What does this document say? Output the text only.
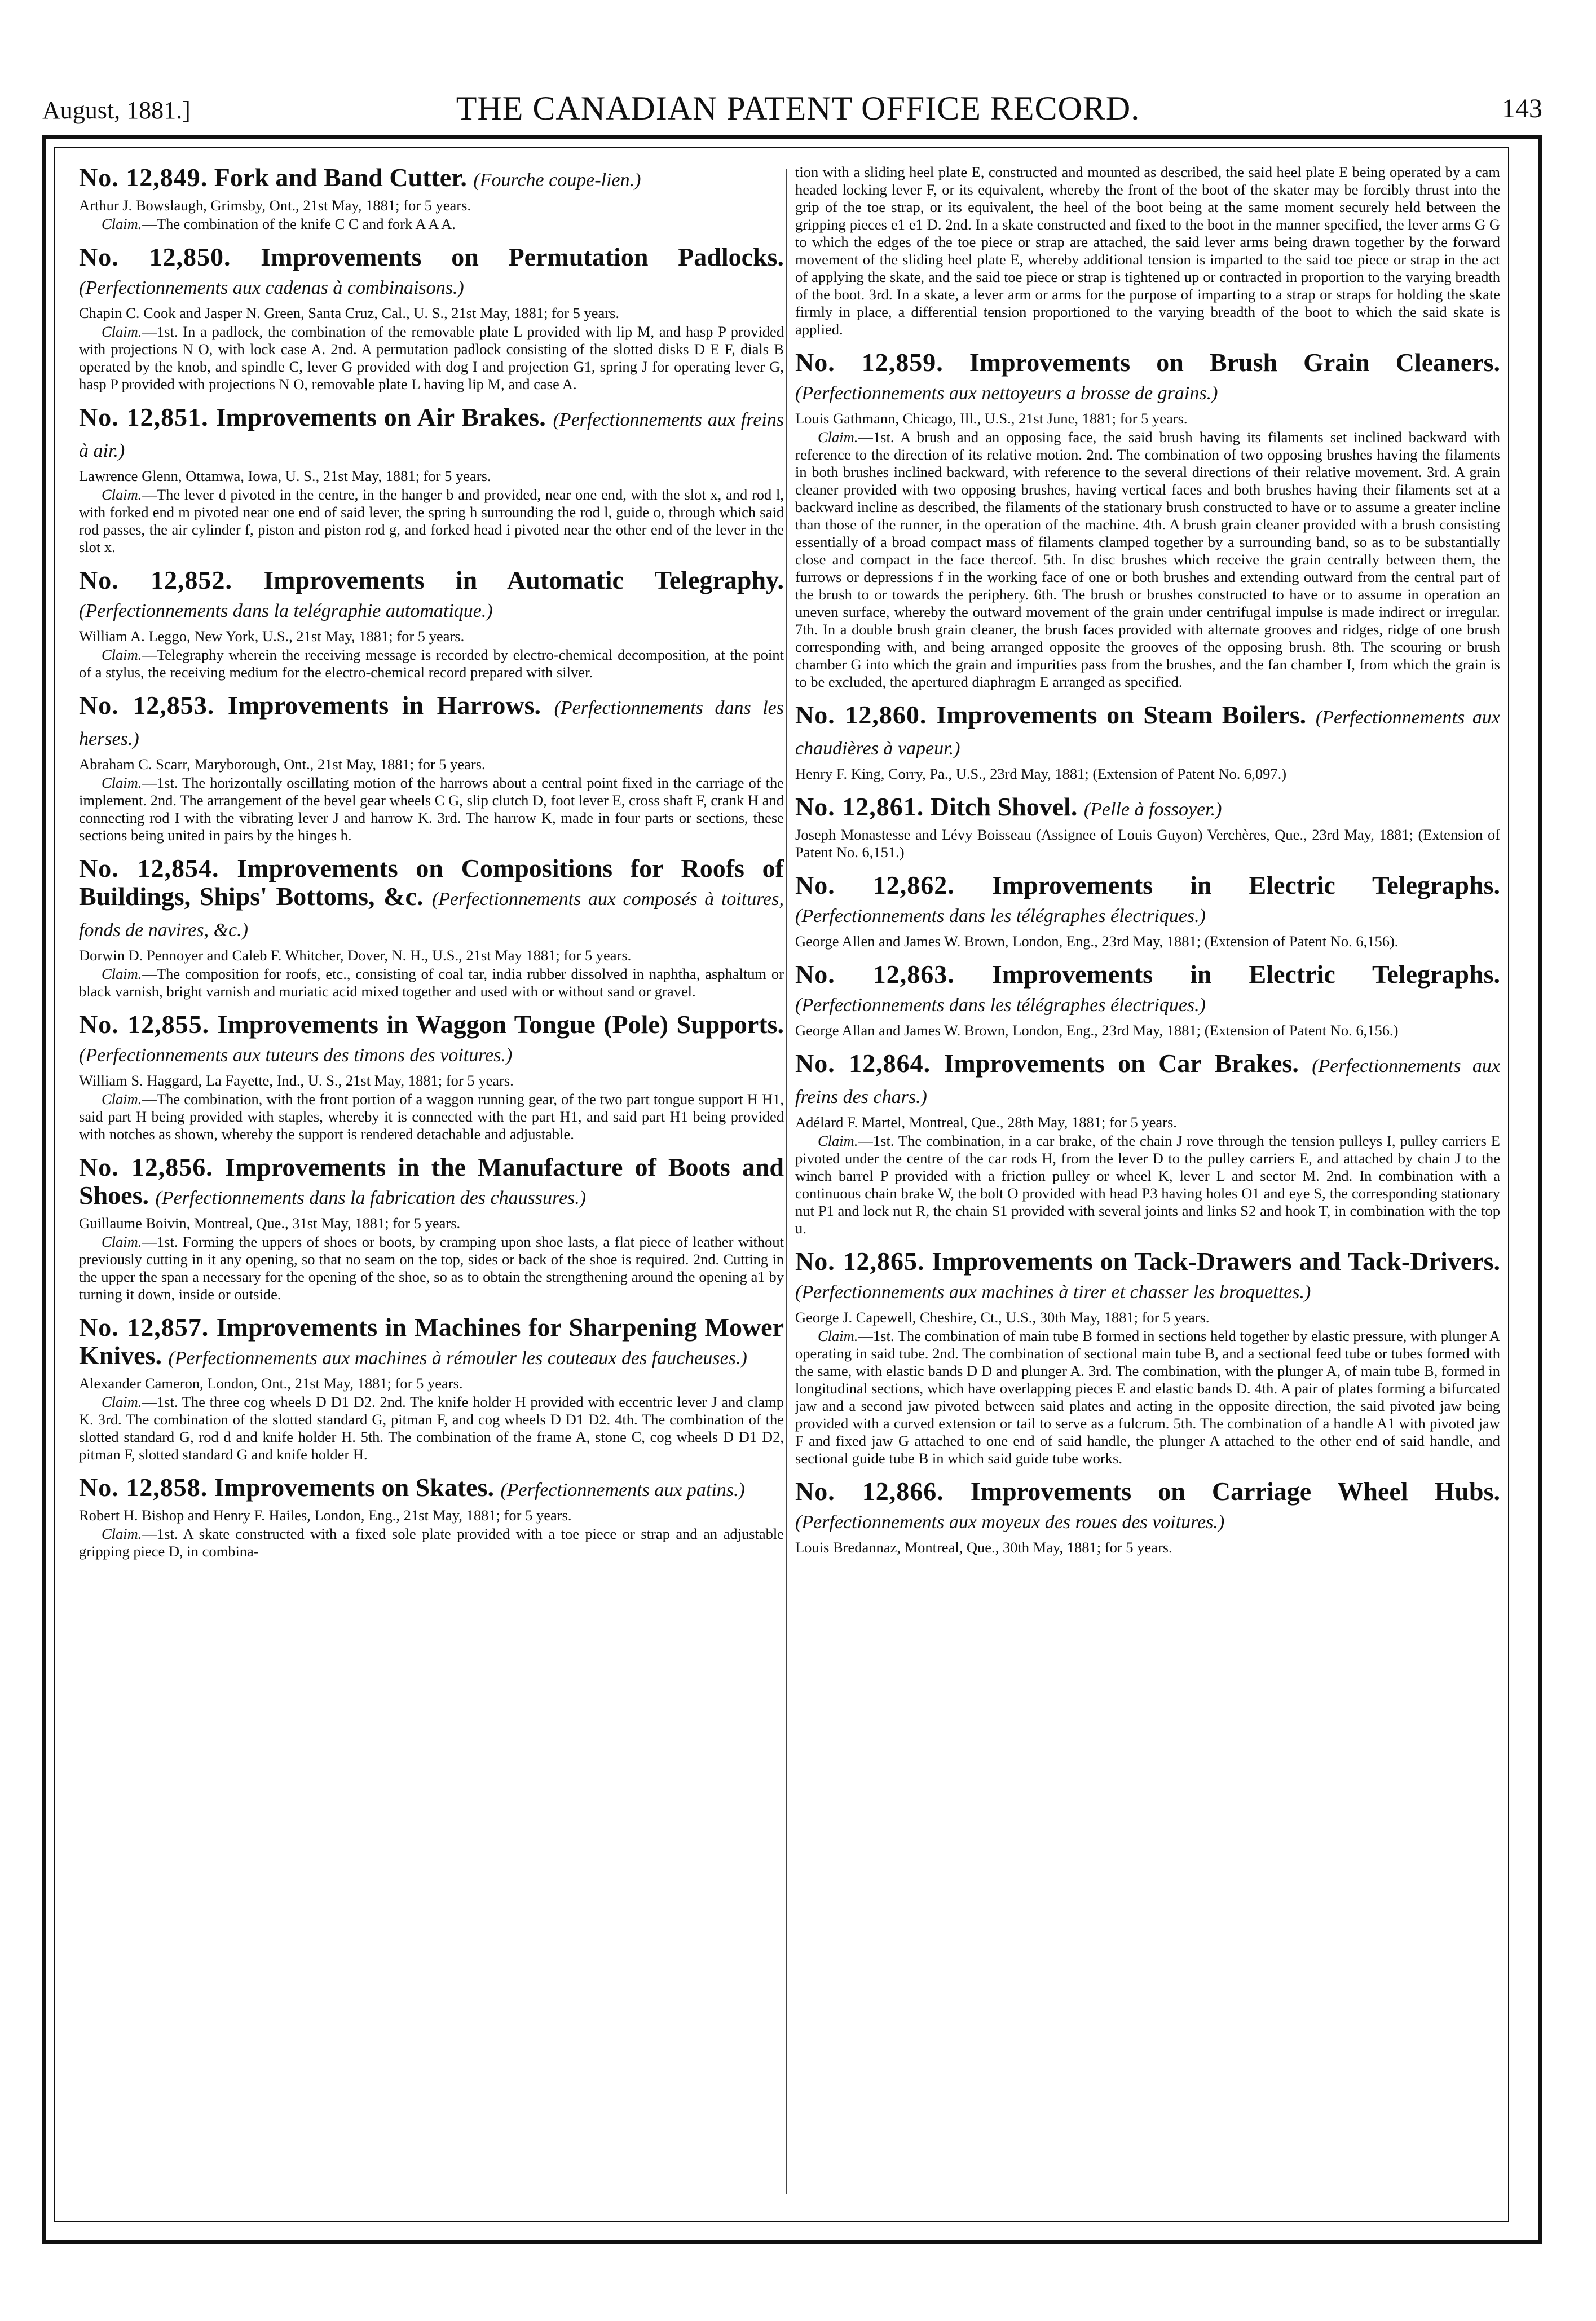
August, 1881.]	THE CANADIAN PATENT OFFICE RECORD.	143
No. 12,849. Fork and Band Cutter. (Fourche coupe-lien.)
Arthur J. Bowslaugh, Grimsby, Ont., 21st May, 1881; for 5 years.

Claim.—The combination of the knife C C and fork A A A.

No. 12,850. Improvements on Permutation Padlocks. (Perfectionnements aux cadenas à combinaisons.)
Chapin C. Cook and Jasper N. Green, Santa Cruz, Cal., U. S., 21st May, 1881; for 5 years.

Claim.—1st. In a padlock, the combination of the removable plate L provided with lip M, and hasp P provided with projections N O, with lock case A. 2nd. A permutation padlock consisting of the slotted disks D E F, dials B operated by the knob, and spindle C, lever G provided with dog I and projection G1, spring J for operating lever G, hasp P provided with projections N O, removable plate L having lip M, and case A.

No. 12,851. Improvements on Air Brakes. (Perfectionnements aux freins à air.)
Lawrence Glenn, Ottamwa, Iowa, U. S., 21st May, 1881; for 5 years.

Claim.—The lever d pivoted in the centre, in the hanger b and provided, near one end, with the slot x, and rod l, with forked end m pivoted near one end of said lever, the spring h surrounding the rod l, guide o, through which said rod passes, the air cylinder f, piston and piston rod g, and forked head i pivoted near the other end of the lever in the slot x.

No. 12,852. Improvements in Automatic Telegraphy. (Perfectionnements dans la telégraphie automatique.)
William A. Leggo, New York, U.S., 21st May, 1881; for 5 years.

Claim.—Telegraphy wherein the receiving message is recorded by electro-chemical decomposition, at the point of a stylus, the receiving medium for the electro-chemical record prepared with silver.

No. 12,853. Improvements in Harrows. (Perfectionnements dans les herses.)
Abraham C. Scarr, Maryborough, Ont., 21st May, 1881; for 5 years.

Claim.—1st. The horizontally oscillating motion of the harrows about a central point fixed in the carriage of the implement. 2nd. The arrangement of the bevel gear wheels C G, slip clutch D, foot lever E, cross shaft F, crank H and connecting rod I with the vibrating lever J and harrow K. 3rd. The harrow K, made in four parts or sections, these sections being united in pairs by the hinges h.

No. 12,854. Improvements on Compositions for Roofs of Buildings, Ships' Bottoms, &c. (Perfectionnements aux composés à toitures, fonds de navires, &c.)
Dorwin D. Pennoyer and Caleb F. Whitcher, Dover, N. H., U.S., 21st May 1881; for 5 years.

Claim.—The composition for roofs, etc., consisting of coal tar, india rubber dissolved in naphtha, asphaltum or black varnish, bright varnish and muriatic acid mixed together and used with or without sand or gravel.

No. 12,855. Improvements in Waggon Tongue (Pole) Supports. (Perfectionnements aux tuteurs des timons des voitures.)
William S. Haggard, La Fayette, Ind., U. S., 21st May, 1881; for 5 years.

Claim.—The combination, with the front portion of a waggon running gear, of the two part tongue support H H1, said part H being provided with staples, whereby it is connected with the part H1, and said part H1 being provided with notches as shown, whereby the support is rendered detachable and adjustable.

No. 12,856. Improvements in the Manufacture of Boots and Shoes. (Perfectionnements dans la fabrication des chaussures.)
Guillaume Boivin, Montreal, Que., 31st May, 1881; for 5 years.

Claim.—1st. Forming the uppers of shoes or boots, by cramping upon shoe lasts, a flat piece of leather without previously cutting in it any opening, so that no seam on the top, sides or back of the shoe is required. 2nd. Cutting in the upper the span a necessary for the opening of the shoe, so as to obtain the strengthening around the opening a1 by turning it down, inside or outside.

No. 12,857. Improvements in Machines for Sharpening Mower Knives. (Perfectionnements aux machines à rémouler les couteaux des faucheuses.)
Alexander Cameron, London, Ont., 21st May, 1881; for 5 years.

Claim.—1st. The three cog wheels D D1 D2. 2nd. The knife holder H provided with eccentric lever J and clamp K. 3rd. The combination of the slotted standard G, pitman F, and cog wheels D D1 D2. 4th. The combination of the slotted standard G, rod d and knife holder H. 5th. The combination of the frame A, stone C, cog wheels D D1 D2, pitman F, slotted standard G and knife holder H.

No. 12,858. Improvements on Skates. (Perfectionnements aux patins.)
Robert H. Bishop and Henry F. Hailes, London, Eng., 21st May, 1881; for 5 years.

Claim.—1st. A skate constructed with a fixed sole plate provided with a toe piece or strap and an adjustable gripping piece D, in combina-

tion with a sliding heel plate E, constructed and mounted as described, the said heel plate E being operated by a cam headed locking lever F, or its equivalent, whereby the front of the boot of the skater may be forcibly thrust into the grip of the toe strap, or its equivalent, the heel of the boot being at the same moment securely held between the gripping pieces e1 e1 D. 2nd. In a skate constructed and fixed to the boot in the manner specified, the lever arms G G to which the edges of the toe piece or strap are attached, the said lever arms being drawn together by the forward movement of the sliding heel plate E, whereby additional tension is imparted to the said toe piece or strap in the act of applying the skate, and the said toe piece or strap is tightened up or contracted in proportion to the varying breadth of the boot. 3rd. In a skate, a lever arm or arms for the purpose of imparting to a strap or straps for holding the skate firmly in place, a differential tension proportioned to the varying breadth of the boot to which the said skate is applied.

No. 12,859. Improvements on Brush Grain Cleaners. (Perfectionnements aux nettoyeurs a brosse de grains.)
Louis Gathmann, Chicago, Ill., U.S., 21st June, 1881; for 5 years.

Claim.—1st. A brush and an opposing face, the said brush having its filaments set inclined backward with reference to the direction of its relative motion. 2nd. The combination of two opposing brushes having the filaments in both brushes inclined backward, with reference to the several directions of their relative movement. 3rd. A grain cleaner provided with two opposing brushes, having vertical faces and both brushes having their filaments set at a backward incline as described, the filaments of the stationary brush constructed to have or to assume a greater incline than those of the runner, in the operation of the machine. 4th. A brush grain cleaner provided with a brush consisting essentially of a broad compact mass of filaments clamped together by a surrounding band, so as to be substantially close and compact in the face thereof. 5th. In disc brushes which receive the grain centrally between them, the furrows or depressions f in the working face of one or both brushes and extending outward from the central part of the brush to or towards the periphery. 6th. The brush or brushes constructed to have or to assume in operation an uneven surface, whereby the outward movement of the grain under centrifugal impulse is made indirect or irregular. 7th. In a double brush grain cleaner, the brush faces provided with alternate grooves and ridges, ridge of one brush corresponding with, and being arranged opposite the grooves of the opposing brush. 8th. The scouring or brush chamber G into which the grain and impurities pass from the brushes, and the fan chamber I, from which the grain is to be excluded, the apertured diaphragm E arranged as specified.

No. 12,860. Improvements on Steam Boilers. (Perfectionnements aux chaudières à vapeur.)
Henry F. King, Corry, Pa., U.S., 23rd May, 1881; (Extension of Patent No. 6,097.)

No. 12,861. Ditch Shovel. (Pelle à fossoyer.)
Joseph Monastesse and Lévy Boisseau (Assignee of Louis Guyon) Verchères, Que., 23rd May, 1881; (Extension of Patent No. 6,151.)

No. 12,862. Improvements in Electric Telegraphs. (Perfectionnements dans les télégraphes électriques.)
George Allen and James W. Brown, London, Eng., 23rd May, 1881; (Extension of Patent No. 6,156).

No. 12,863. Improvements in Electric Telegraphs. (Perfectionnements dans les télégraphes électriques.)
George Allan and James W. Brown, London, Eng., 23rd May, 1881; (Extension of Patent No. 6,156.)

No. 12,864. Improvements on Car Brakes. (Perfectionnements aux freins des chars.)
Adélard F. Martel, Montreal, Que., 28th May, 1881; for 5 years.

Claim.—1st. The combination, in a car brake, of the chain J rove through the tension pulleys I, pulley carriers E pivoted under the centre of the car rods H, from the lever D to the pulley carriers E, and attached by chain J to the winch barrel P provided with a friction pulley or wheel K, lever L and sector M. 2nd. In combination with a continuous chain brake W, the bolt O provided with head P3 having holes O1 and eye S, the corresponding stationary nut P1 and lock nut R, the chain S1 provided with several joints and links S2 and hook T, in combination with the top u.

No. 12,865. Improvements on Tack-Drawers and Tack-Drivers. (Perfectionnements aux machines à tirer et chasser les broquettes.)
George J. Capewell, Cheshire, Ct., U.S., 30th May, 1881; for 5 years.

Claim.—1st. The combination of main tube B formed in sections held together by elastic pressure, with plunger A operating in said tube. 2nd. The combination of sectional main tube B, and a sectional feed tube or tubes formed with the same, with elastic bands D D and plunger A. 3rd. The combination, with the plunger A, of main tube B, formed in longitudinal sections, which have overlapping pieces E and elastic bands D. 4th. A pair of plates forming a bifurcated jaw and a second jaw pivoted between said plates and acting in the opposite direction, the said pivoted jaw being provided with a curved extension or tail to serve as a fulcrum. 5th. The combination of a handle A1 with pivoted jaw F and fixed jaw G attached to one end of said handle, the plunger A attached to the other end of said handle, and sectional guide tube B in which said guide tube works.

No. 12,866. Improvements on Carriage Wheel Hubs. (Perfectionnements aux moyeux des roues des voitures.)
Louis Bredannaz, Montreal, Que., 30th May, 1881; for 5 years.
